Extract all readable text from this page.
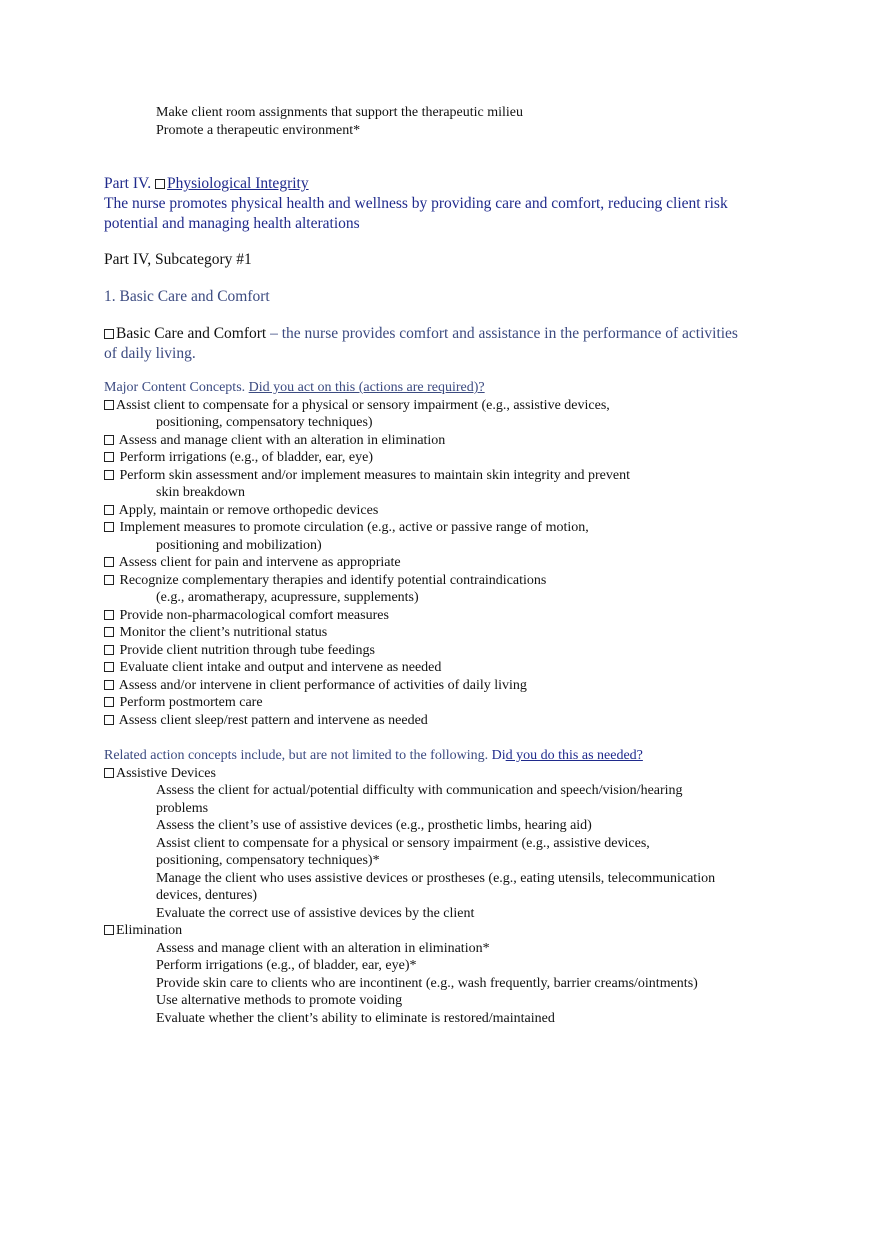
Make client room assignments that support the therapeutic milieu
Promote a therapeutic environment*
Part IV. Physiological Integrity
The nurse promotes physical health and wellness by providing care and comfort, reducing client risk
potential and managing health alterations
Part IV, Subcategory #1
1. Basic Care and Comfort
Basic Care and Comfort – the nurse provides comfort and assistance in the performance of activities
of daily living.
Major Content Concepts. Did you act on this (actions are required)?
Assist client to compensate for a physical or sensory impairment (e.g., assistive devices,
positioning, compensatory techniques)
Assess and manage client with an alteration in elimination
Perform irrigations (e.g., of bladder, ear, eye)
Perform skin assessment and/or implement measures to maintain skin integrity and prevent
skin breakdown
Apply, maintain or remove orthopedic devices
Implement measures to promote circulation (e.g., active or passive range of motion,
positioning and mobilization)
Assess client for pain and intervene as appropriate
Recognize complementary therapies and identify potential contraindications
(e.g., aromatherapy, acupressure, supplements)
Provide non-pharmacological comfort measures
Monitor the client’s nutritional status
Provide client nutrition through tube feedings
Evaluate client intake and output and intervene as needed
Assess and/or intervene in client performance of activities of daily living
Perform postmortem care
Assess client sleep/rest pattern and intervene as needed
Related action concepts include, but are not limited to the following. Did you do this as needed?
Assistive Devices
Assess the client for actual/potential difficulty with communication and speech/vision/hearing
problems
Assess the client’s use of assistive devices (e.g., prosthetic limbs, hearing aid)
Assist client to compensate for a physical or sensory impairment (e.g., assistive devices,
positioning, compensatory techniques)*
Manage the client who uses assistive devices or prostheses (e.g., eating utensils, telecommunication
devices, dentures)
Evaluate the correct use of assistive devices by the client
Elimination
Assess and manage client with an alteration in elimination*
Perform irrigations (e.g., of bladder, ear, eye)*
Provide skin care to clients who are incontinent (e.g., wash frequently, barrier creams/ointments)
Use alternative methods to promote voiding
Evaluate whether the client’s ability to eliminate is restored/maintained
